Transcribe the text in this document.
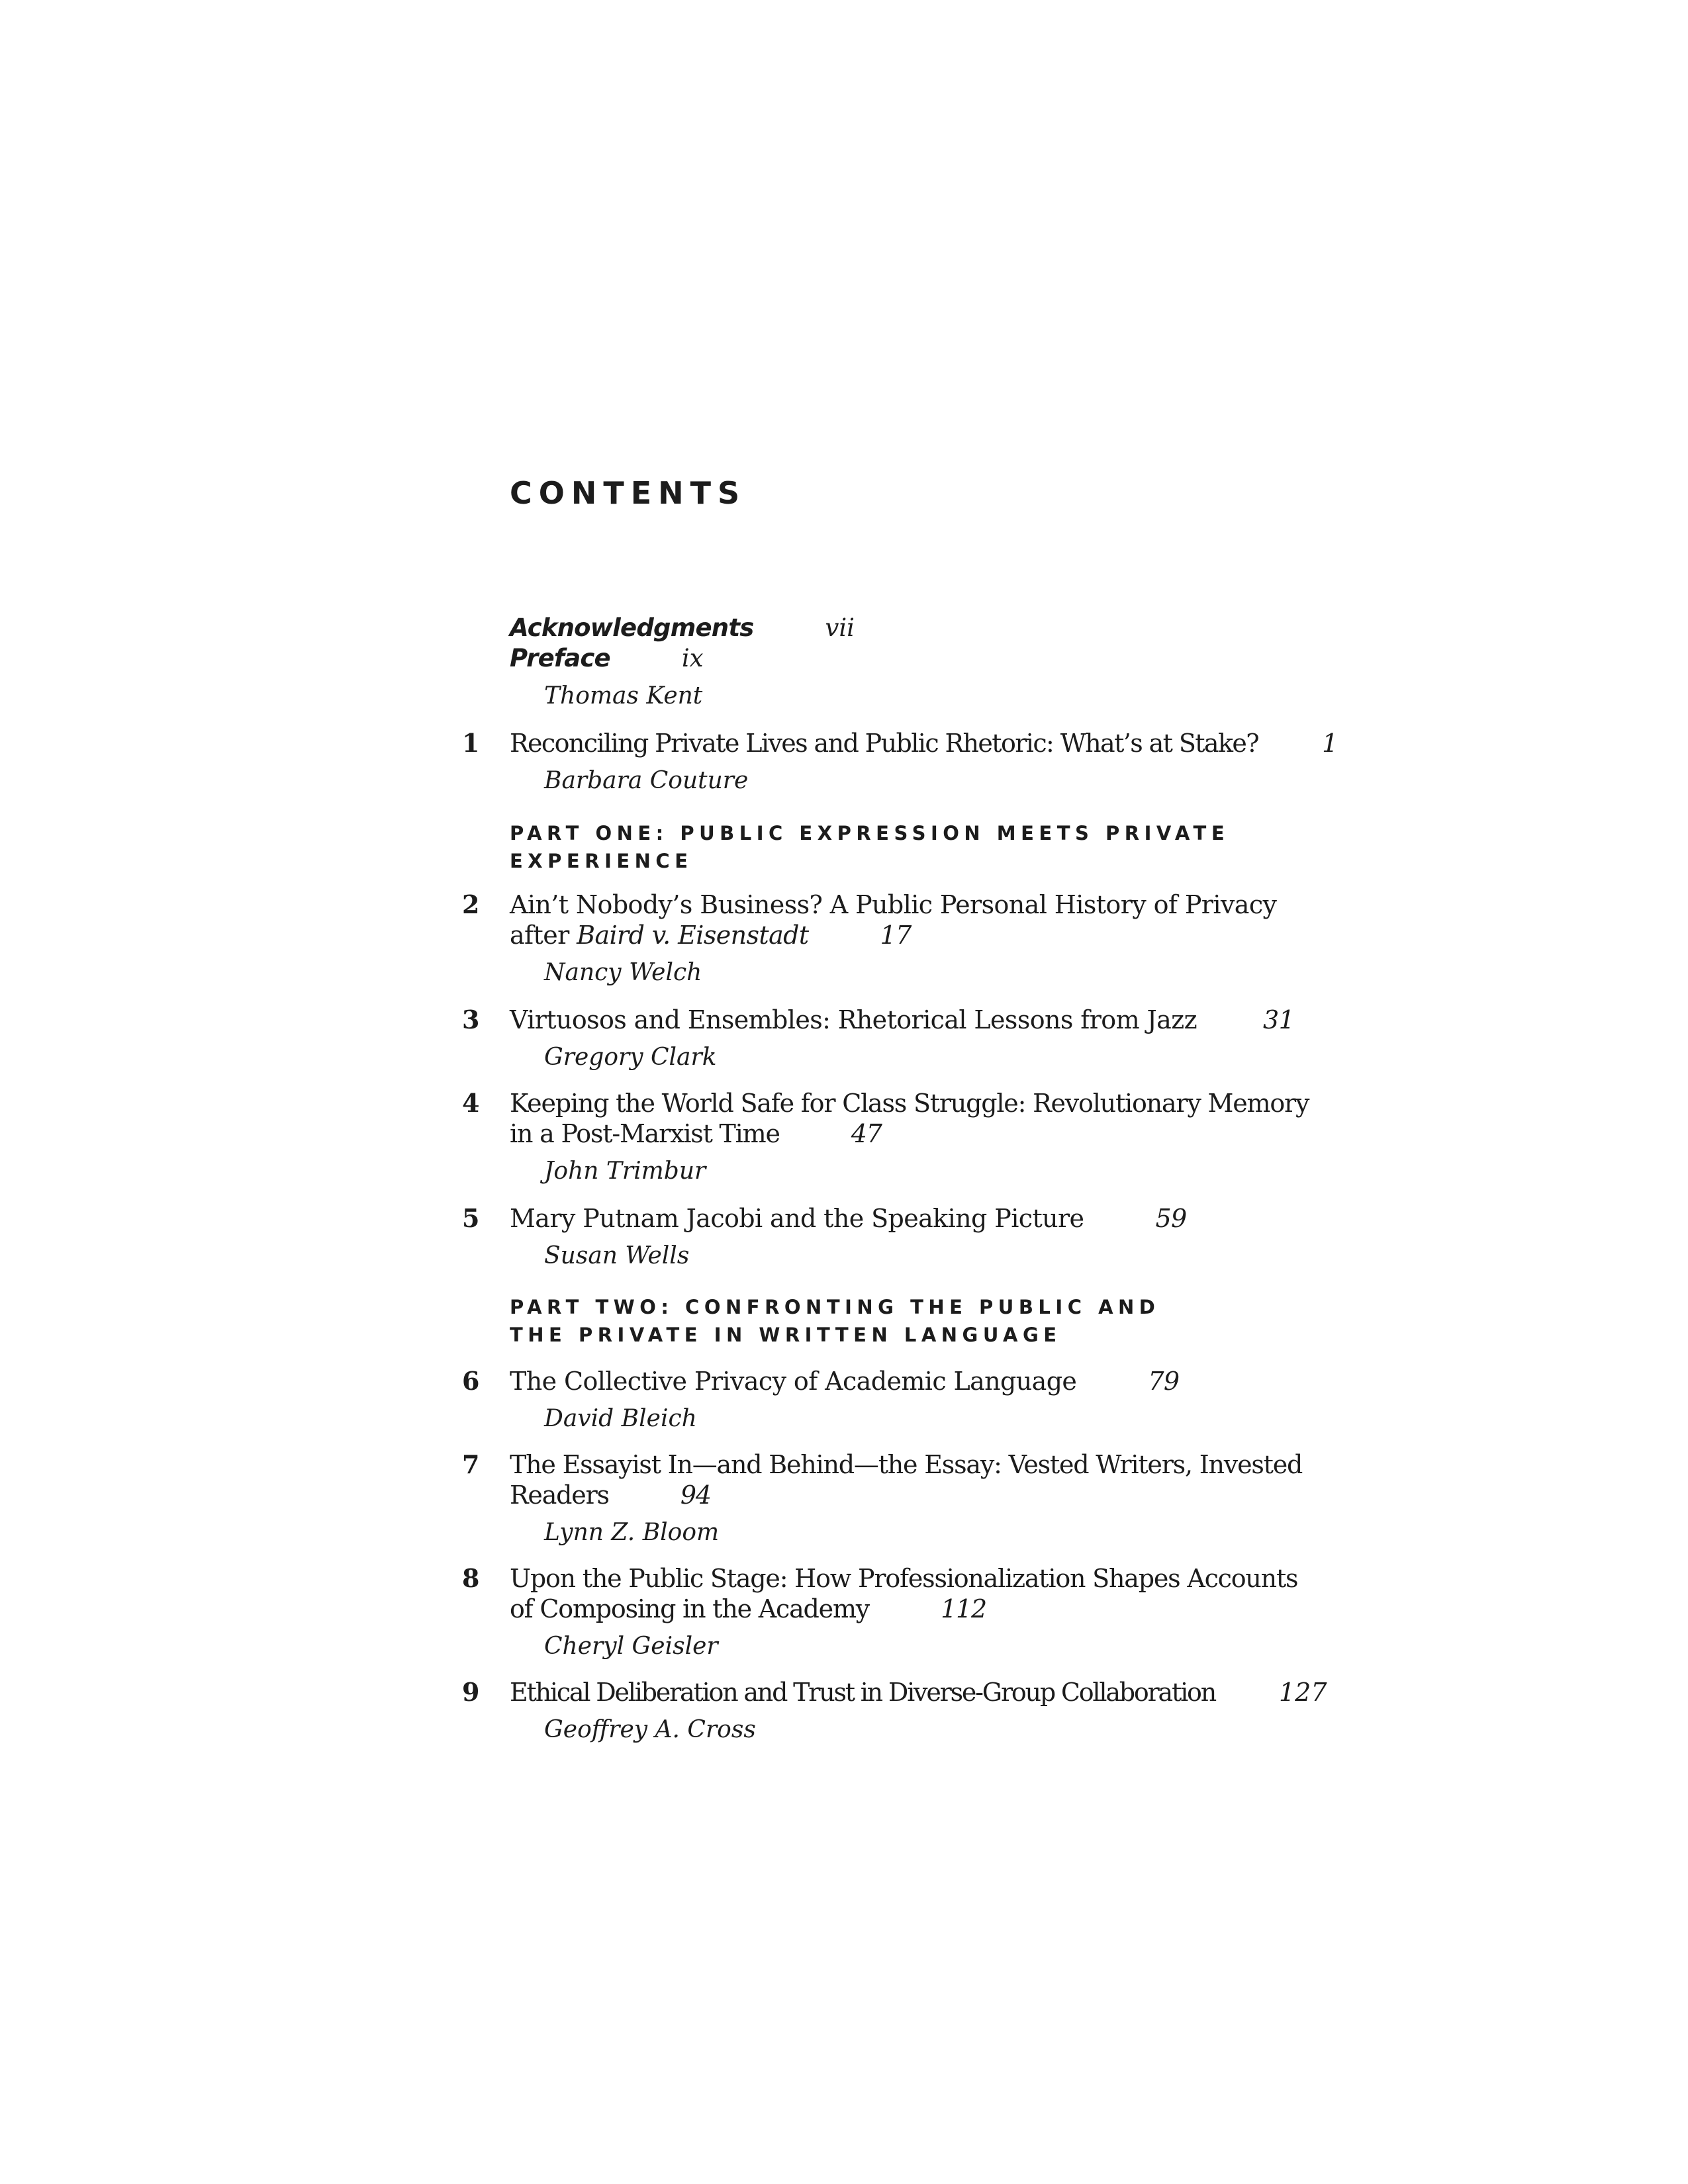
CONTENTS
Acknowledgments	vii
Preface	ix
Thomas Kent
1 Reconciling Private Lives and Public Rhetoric: What’s at Stake?	1
Barbara Couture
PART ONE: PUBLIC EXPRESSION MEETS PRIVATE
EXPERIENCE
2 Ain’t Nobody’s Business? A Public Personal History of Privacy
after Baird v. Eisenstadt	17
Nancy Welch
3 Virtuosos and Ensembles: Rhetorical Lessons from Jazz	31
Gregory Clark
4 Keeping the World Safe for Class Struggle: Revolutionary Memory
in a Post-Marxist Time	47
John Trimbur
5 Mary Putnam Jacobi and the Speaking Picture	59
Susan Wells
PART TWO: CONFRONTING THE PUBLIC AND
THE PRIVATE IN WRITTEN LANGUAGE
6 The Collective Privacy of Academic Language	79
David Bleich
7 The Essayist In—and Behind—the Essay: Vested Writers, Invested
Readers	94
Lynn Z. Bloom
8 Upon the Public Stage: How Professionalization Shapes Accounts
of Composing in the Academy	112
Cheryl Geisler
9 Ethical Deliberation and Trust in Diverse-Group Collaboration	127
Geoffrey A. Cross
